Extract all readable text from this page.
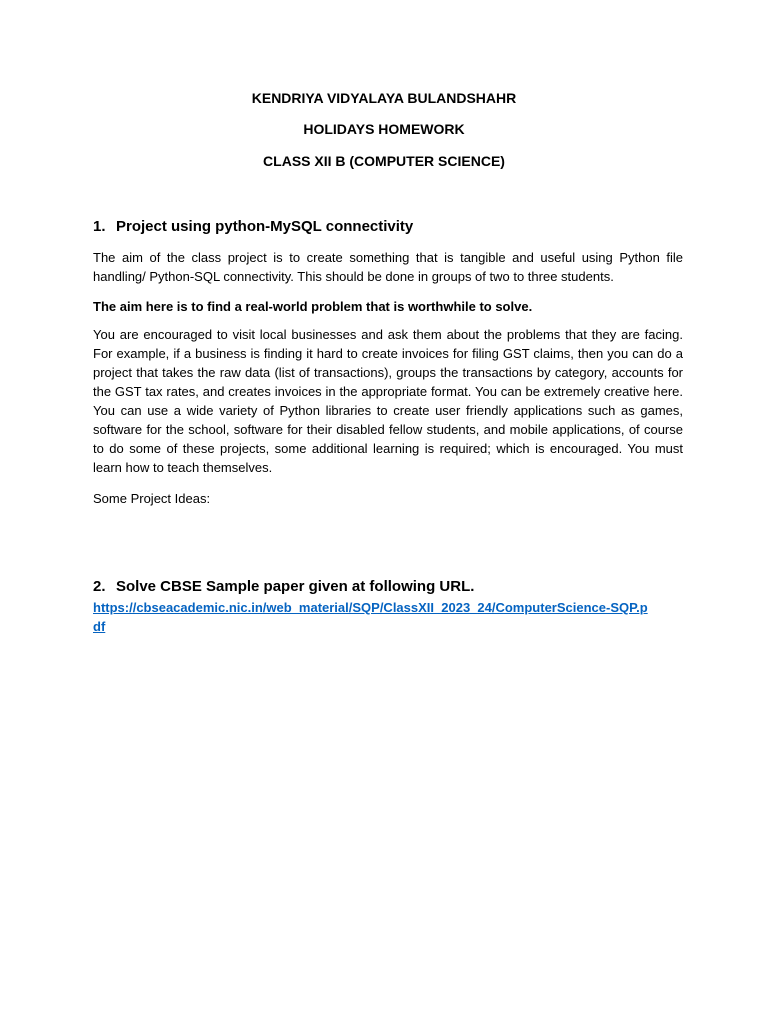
KENDRIYA VIDYALAYA BULANDSHAHR
HOLIDAYS HOMEWORK
CLASS XII B (COMPUTER SCIENCE)
1. Project using python-MySQL connectivity
The aim of the class project is to create something that is tangible and useful using Python file handling/ Python-SQL connectivity. This should be done in groups of two to three students.
The aim here is to find a real-world problem that is worthwhile to solve.
You are encouraged to visit local businesses and ask them about the problems that they are facing. For example, if a business is finding it hard to create invoices for filing GST claims, then you can do a project that takes the raw data (list of transactions), groups the transactions by category, accounts for the GST tax rates, and creates invoices in the appropriate format. You can be extremely creative here. You can use a wide variety of Python libraries to create user friendly applications such as games, software for the school, software for their disabled fellow students, and mobile applications, of course to do some of these projects, some additional learning is required; which is encouraged. You must learn how to teach themselves.
Some Project Ideas:
2. Solve CBSE Sample paper given at following URL.
https://cbseacademic.nic.in/web_material/SQP/ClassXII_2023_24/ComputerScience-SQP.pdf
